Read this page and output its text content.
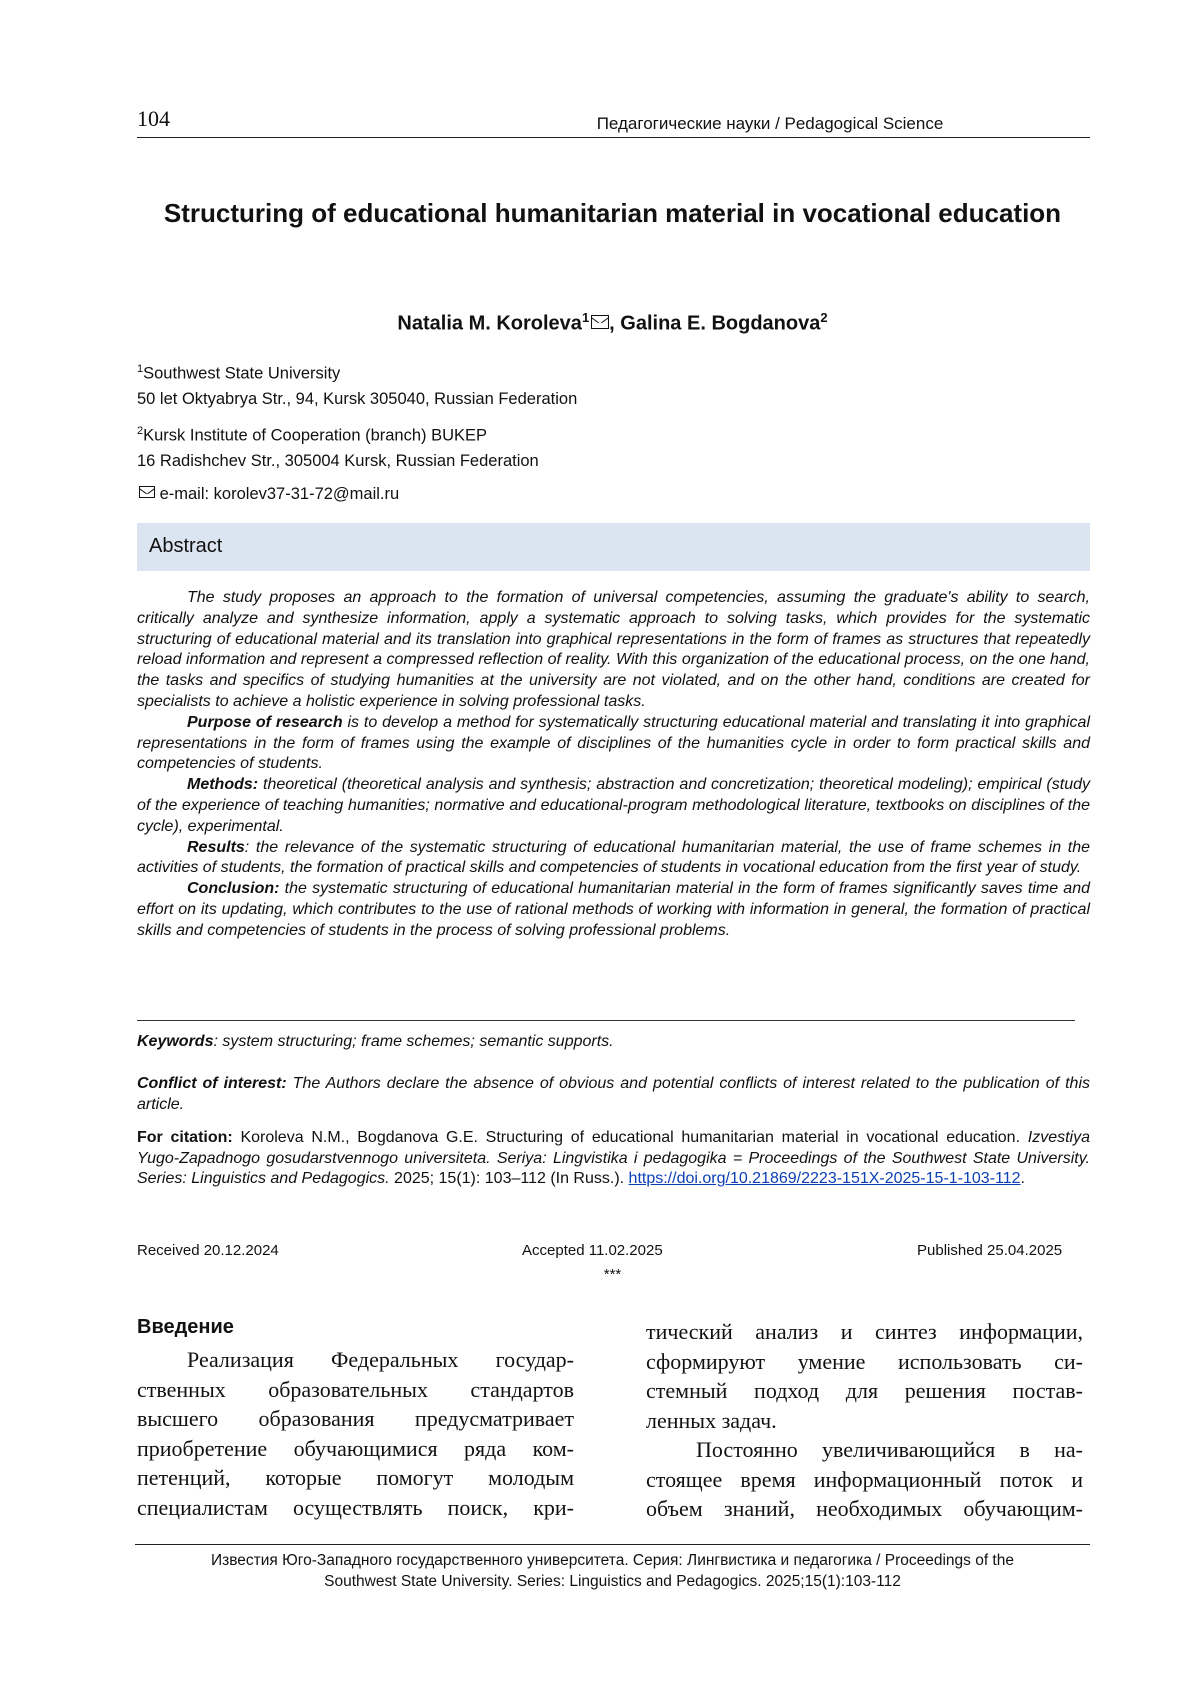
104	Педагогические науки / Pedagogical Science
Structuring of educational humanitarian material in vocational education
Natalia M. Koroleva$^1$ , Galina E. Bogdanova$^2$
$^1$Southwest State University
50 let Oktyabrya Str., 94, Kursk 305040, Russian Federation
$^2$Kursk Institute of Cooperation (branch) BUKEP
16 Radishchev Str., 305004 Kursk, Russian Federation
e-mail: korolev37-31-72@mail.ru
Abstract

The study proposes an approach to the formation of universal competencies, assuming the graduate's ability to search, critically analyze and synthesize information, apply a systematic approach to solving tasks, which provides for the systematic structuring of educational material and its translation into graphical representations in the form of frames as structures that repeatedly reload information and represent a compressed reflection of reality. With this organization of the educational process, on the one hand, the tasks and specifics of studying humanities at the university are not violated, and on the other hand, conditions are created for specialists to achieve a holistic experience in solving professional tasks.

Purpose of research is to develop a method for systematically structuring educational material and translating it into graphical representations in the form of frames using the example of disciplines of the humanities cycle in order to form practical skills and competencies of students.

Methods: theoretical (theoretical analysis and synthesis; abstraction and concretization; theoretical modeling); empirical (study of the experience of teaching humanities; normative and educational-program methodological literature, textbooks on disciplines of the cycle), experimental.

Results: the relevance of the systematic structuring of educational humanitarian material, the use of frame schemes in the activities of students, the formation of practical skills and competencies of students in vocational education from the first year of study.

Conclusion: the systematic structuring of educational humanitarian material in the form of frames significantly saves time and effort on its updating, which contributes to the use of rational methods of working with information in general, the formation of practical skills and competencies of students in the process of solving professional problems.

Keywords: system structuring; frame schemes; semantic supports.
Conflict of interest: The Authors declare the absence of obvious and potential conflicts of interest related to the publication of this article.
For citation: Koroleva N.M., Bogdanova G.E. Structuring of educational humanitarian material in vocational education. Izvestiya Yugo-Zapadnogo gosudarstvennogo universiteta. Seriya: Lingvistika i pedagogika = Proceedings of the Southwest State University. Series: Linguistics and Pedagogics. 2025; 15(1): 103–112 (In Russ.). https://doi.org/10.21869/2223-151X-2025-15-1-103-112.
Received 20.12.2024	Accepted 11.02.2025	Published 25.04.2025
***
Введение

Реализация Федеральных государ-

ственных образовательных стандартов

высшего образования предусматривает

приобретение обучающимися ряда ком-

петенций, которые помогут молодым

специалистам осуществлять поиск, кри-

тический анализ и синтез информации,

сформируют умение использовать си-

стемный подход для решения постав-

ленных задач.

Постоянно увеличивающийся в на-

стоящее время информационный поток и

объем знаний, необходимых обучающим-

Известия Юго-Западного государственного университета. Серия: Лингвистика и педагогика / Proceedings of the
Southwest State University. Series: Linguistics and Pedagogics. 2025;15(1):103-112
